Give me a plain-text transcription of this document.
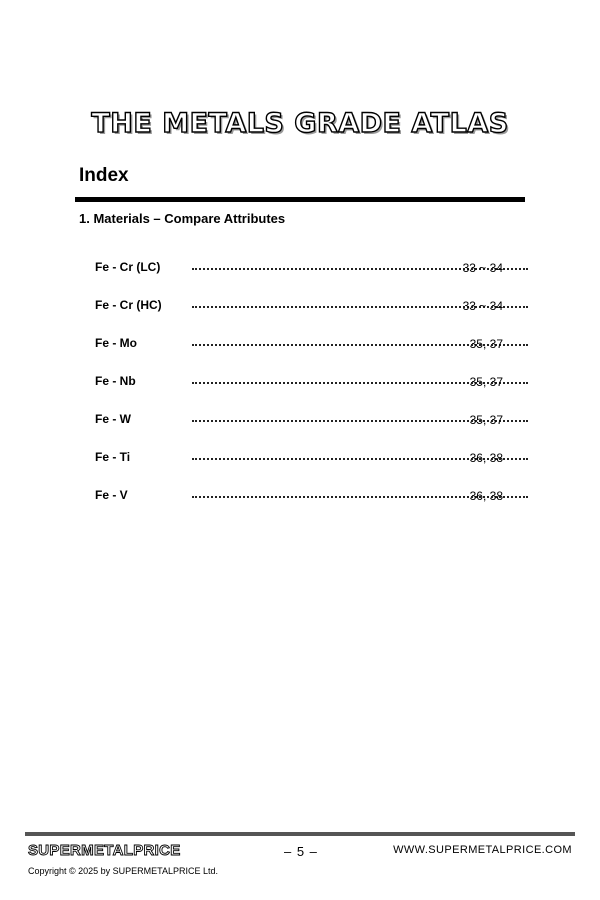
THE METALS GRADE ATLAS
Index
1. Materials – Compare Attributes
Fe - Cr (LC)	33 ~ 34
Fe - Cr (HC)	33 ~ 34
Fe - Mo	35, 37
Fe - Nb	35, 37
Fe - W	35, 37
Fe - Ti	36, 38
Fe - V	36, 38
SUPERMETALPRICE	– 5 –	WWW.SUPERMETALPRICE.COM
Copyright © 2025 by SUPERMETALPRICE Ltd.
